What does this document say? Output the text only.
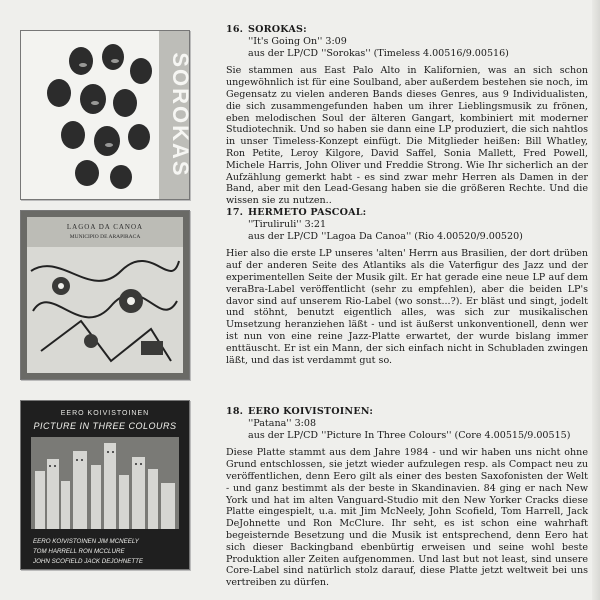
SOROKAS
16. SOROKAS:
''It's Going On'' 3:09
aus der LP/CD ''Sorokas'' (Timeless 4.00516/9.00516)

Sie stammen aus East Palo Alto in Kalifornien, was an sich schon ungewöhnlich ist für eine Soulband, aber außerdem bestehen sie noch, im Gegensatz zu vielen anderen Bands dieses Genres, aus 9 Individualisten, die sich zusammengefunden haben um ihrer Lieblingsmusik zu frönen, eben melodischen Soul der älteren Gangart, kombiniert mit moderner Studiotechnik. Und so haben sie dann eine LP produziert, die sich nahtlos in unser Timeless-Konzept einfügt. Die Mitglieder heißen: Bill Whatley, Ron Petite, Leroy Kilgore, David Saffel, Sonia Mallett, Fred Powell, Michele Harris, John Oliver und Freddie Strong. Wie Ihr sicherlich an der Aufzählung gemerkt habt - es sind zwar mehr Herren als Damen in der Band, aber mit den Lead-Gesang haben sie die größeren Rechte. Und die wissen sie zu nutzen..

LAGOA DA CANOA
MUNICIPIO DE ARAPIRACA
17. HERMETO PASCOAL:
''Tiruliruli'' 3:21
aus der LP/CD ''Lagoa Da Canoa'' (Rio 4.00520/9.00520)

Hier also die erste LP unseres 'alten' Herrn aus Brasilien, der dort drüben auf der anderen Seite des Atlantiks als die Vaterfigur des Jazz und der experimentellen Seite der Musik gilt. Er hat gerade eine neue LP auf dem veraBra-Label veröffentlicht (sehr zu empfehlen), aber die beiden LP's davor sind auf unserem Rio-Label (wo sonst...?). Er bläst und singt, jodelt und stöhnt, benutzt eigentlich alles, was sich zur musikalischen Umsetzung heranziehen läßt - und ist äußerst unkonventionell, denn wer ist nun von eine reine Jazz-Platte erwartet, der wurde bislang immer enttäuscht. Er ist ein Mann, der sich einfach nicht in Schubladen zwingen läßt, und das ist verdammt gut so.

EERO KOIVISTOINEN
PICTURE IN THREE COLOURS
EERO KOIVISTOINEN JIM MCNEELY
TOM HARRELL RON MCCLURE
JOHN SCOFIELD JACK DEJOHNETTE
18. EERO KOIVISTOINEN:
''Patana'' 3:08
aus der LP/CD ''Picture In Three Colours'' (Core 4.00515/9.00515)

Diese Platte stammt aus dem Jahre 1984 - und wir haben uns nicht ohne Grund entschlossen, sie jetzt wieder aufzulegen resp. als Compact neu zu veröffentlichen, denn Eero gilt als einer des besten Saxofonisten der Welt - und ganz bestimmt als der beste in Skandinavien. 84 ging er nach New York und hat im alten Vanguard-Studio mit den New Yorker Cracks diese Platte eingespielt, u.a. mit Jim McNeely, John Scofield, Tom Harrell, Jack DeJohnette und Ron McClure. Ihr seht, es ist schon eine wahrhaft begeisternde Besetzung und die Musik ist entsprechend, denn Eero hat sich dieser Backingband ebenbürtig erweisen und seine wohl beste Produktion aller Zeiten aufgenommen. Und last but not least, sind unsere Core-Label sind natürlich stolz darauf, diese Platte jetzt weltweit bei uns vertreiben zu dürfen.
